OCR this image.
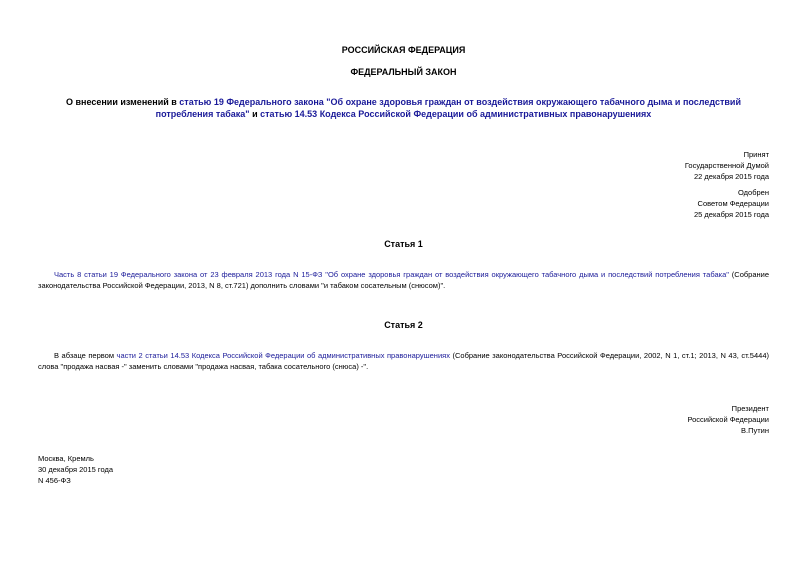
РОССИЙСКАЯ ФЕДЕРАЦИЯ
ФЕДЕРАЛЬНЫЙ ЗАКОН
О внесении изменений в статью 19 Федерального закона "Об охране здоровья граждан от воздействия окружающего табачного дыма и последствий потребления табака" и статью 14.53 Кодекса Российской Федерации об административных правонарушениях
Принят
Государственной Думой
22 декабря 2015 года
Одобрен
Советом Федерации
25 декабря 2015 года
Статья 1
Часть 8 статьи 19 Федерального закона от 23 февраля 2013 года N 15-ФЗ "Об охране здоровья граждан от воздействия окружающего табачного дыма и последствий потребления табака" (Собрание законодательства Российской Федерации, 2013, N 8, ст.721) дополнить словами "и табаком сосательным (снюсом)".
Статья 2
В абзаце первом части 2 статьи 14.53 Кодекса Российской Федерации об административных правонарушениях (Собрание законодательства Российской Федерации, 2002, N 1, ст.1; 2013, N 43, ст.5444) слова "продажа насвая -" заменить словами "продажа насвая, табака сосательного (снюса) -".
Президент
Российской Федерации
В.Путин
Москва, Кремль
30 декабря 2015 года
N 456-ФЗ
